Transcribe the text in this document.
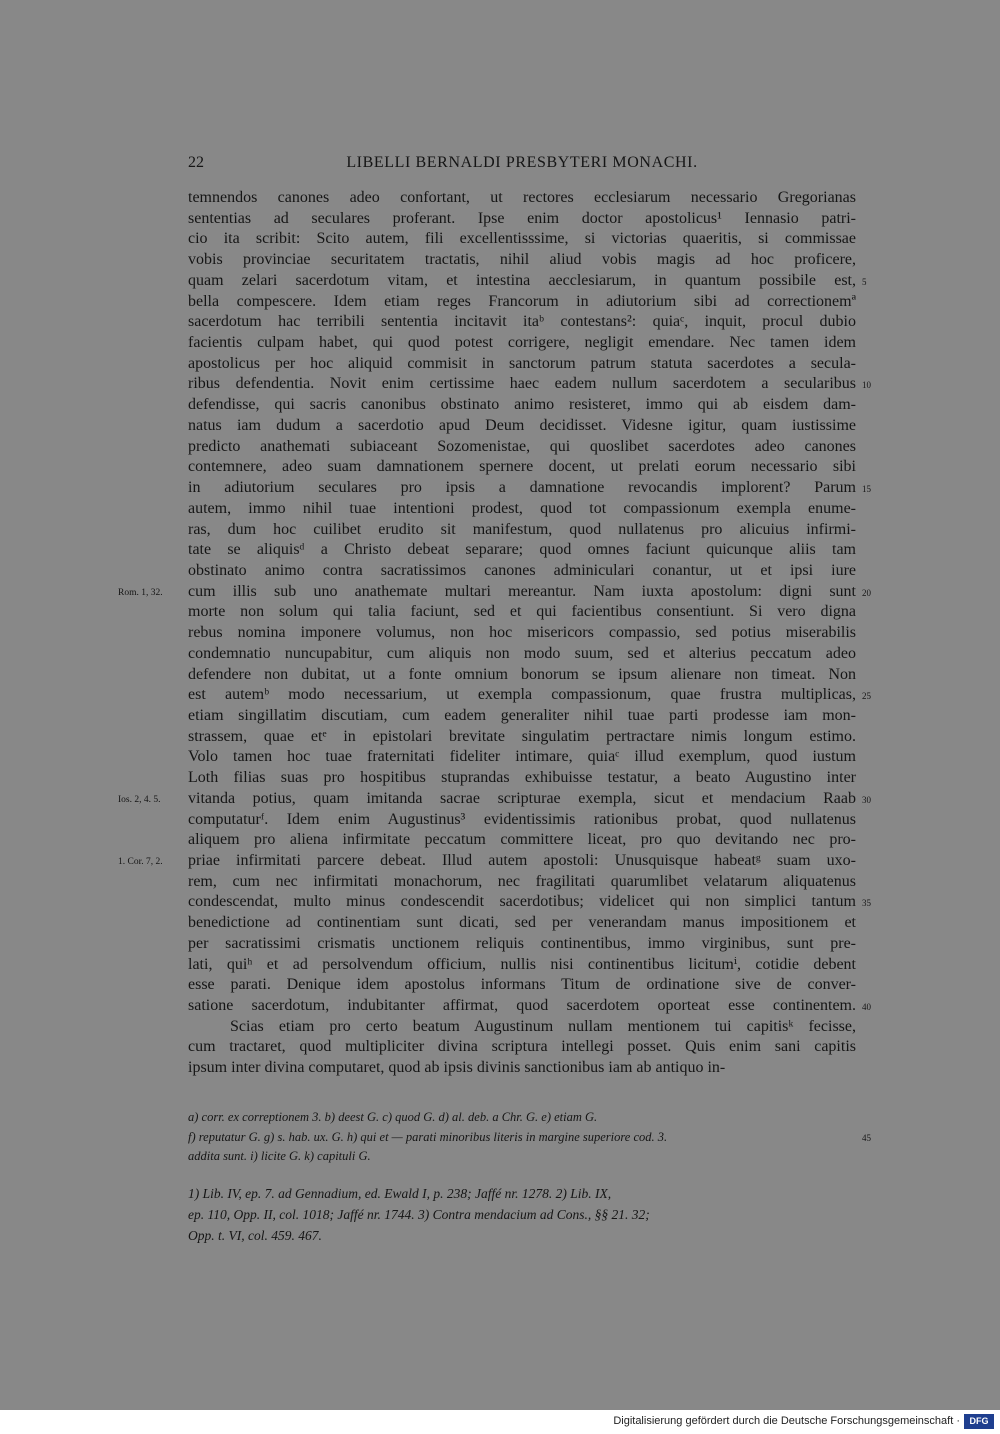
22	LIBELLI BERNALDI PRESBYTERI MONACHI.
temnendos canones adeo confortant, ut rectores ecclesiarum necessario Gregorianas
sententias ad seculares proferant. Ipse enim doctor apostolicus¹ Iennasio patri-
cio ita scribit: Scito autem, fili excellentisssime, si victorias quaeritis, si commissae
vobis provinciae securitatem tractatis, nihil aliud vobis magis ad hoc proficere,
quam zelari sacerdotum vitam, et intestina aecclesiarum, in quantum possibile est, 5
bella compescere. Idem etiam reges Francorum in adiutorium sibi ad correctionemª
sacerdotum hac terribili sententia incitavit itaᵇ contestans²: quiaᶜ, inquit, procul dubio
facientis culpam habet, qui quod potest corrigere, negligit emendare. Nec tamen idem
apostolicus per hoc aliquid commisit in sanctorum patrum statuta sacerdotes a secula-
ribus defendentia. Novit enim certissime haec eadem nullum sacerdotem a secularibus 10
defendisse, qui sacris canonibus obstinato animo resisteret, immo qui ab eisdem dam-
natus iam dudum a sacerdotio apud Deum decidisset. Videsne igitur, quam iustissime
predicto anathemati subiaceant Sozomenistae, qui quoslibet sacerdotes adeo canones
contemnere, adeo suam damnationem spernere docent, ut prelati eorum necessario sibi
in adiutorium seculares pro ipsis a damnatione revocandis implorent? Parum 15
autem, immo nihil tuae intentioni prodest, quod tot compassionum exempla enume-
ras, dum hoc cuilibet erudito sit manifestum, quod nullatenus pro alicuius infirmi-
tate se aliquisᵈ a Christo debeat separare; quod omnes faciunt quicunque aliis tam
obstinato animo contra sacratissimos canones adminiculari conantur, ut et ipsi iure
cum illis sub uno anathemate multari mereantur. Nam iuxta apostolum: digni sunt 20
Rom. 1, 32.
morte non solum qui talia faciunt, sed et qui facientibus consentiunt. Si vero digna
rebus nomina imponere volumus, non hoc misericors compassio, sed potius miserabilis
condemnatio nuncupabitur, cum aliquis non modo suum, sed et alterius peccatum adeo
defendere non dubitat, ut a fonte omnium bonorum se ipsum alienare non timeat. Non
est autemᵇ modo necessarium, ut exempla compassionum, quae frustra multiplicas, 25
etiam singillatim discutiam, cum eadem generaliter nihil tuae parti prodesse iam mon-
strassem, quae etᵉ in epistolari brevitate singulatim pertractare nimis longum estimo.
Volo tamen hoc tuae fraternitati fideliter intimare, quiaᶜ illud exemplum, quod iustum
Loth filias suas pro hospitibus stuprandas exhibuisse testatur, a beato Augustino inter
vitanda potius, quam imitanda sacrae scripturae exempla, sicut et mendacium Raab 30
Ios. 2, 4. 5.
computaturᶠ. Idem enim Augustinus³ evidentissimis rationibus probat, quod nullatenus
aliquem pro aliena infirmitate peccatum committere liceat, pro quo devitando nec pro-
priae infirmitati parcere debeat. Illud autem apostoli: Unusquisque habeatᵍ suam uxo-
1. Cor. 7, 2.
rem, cum nec infirmitati monachorum, nec fragilitati quarumlibet velatarum aliquatenus
condescendat, multo minus condescendit sacerdotibus; videlicet qui non simplici tantum 35
benedictione ad continentiam sunt dicati, sed per venerandam manus impositionem et
per sacratissimi crismatis unctionem reliquis continentibus, immo virginibus, sunt pre-
lati, quiʰ et ad persolvendum officium, nullis nisi continentibus licitumⁱ, cotidie debent
esse parati. Denique idem apostolus informans Titum de ordinatione sive de conver-
satione sacerdotum, indubitanter affirmat, quod sacerdotem oporteat esse continentem. 40
Scias etiam pro certo beatum Augustinum nullam mentionem tui capitisᵏ fecisse,
cum tractaret, quod multipliciter divina scriptura intellegi posset. Quis enim sani capitis
ipsum inter divina computaret, quod ab ipsis divinis sanctionibus iam ab antiquo in-
a) corr. ex correptionem 3. b) deest G. c) quod G. d) al. deb. a Chr. G. e) etiam G.
f) reputatur G. g) s. hab. ux. G. h) qui et — parati minoribus literis in margine superiore cod. 3.	45
addita sunt. i) licite G. k) capituli G.
1) Lib. IV, ep. 7. ad Gennadium, ed. Ewald I, p. 238; Jaffé nr. 1278. 2) Lib. IX,
ep. 110, Opp. II, col. 1018; Jaffé nr. 1744. 3) Contra mendacium ad Cons., §§ 21. 32;
Opp. t. VI, col. 459. 467.
Digitalisierung gefördert durch die Deutsche Forschungsgemeinschaft ·	DFG
